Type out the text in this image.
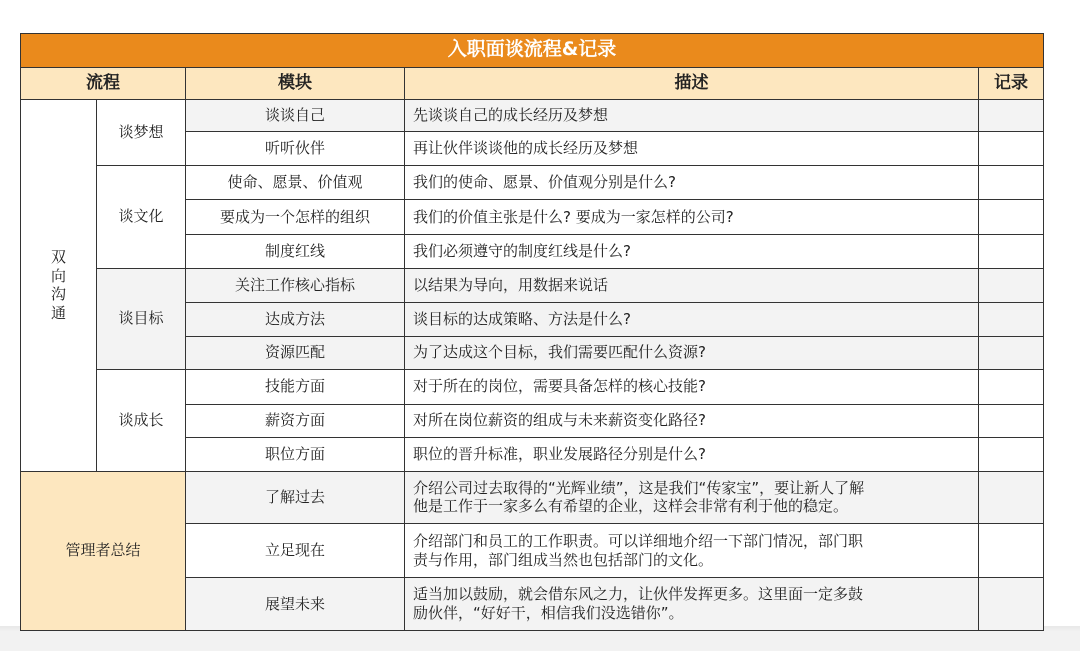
入职面谈流程&记录				
流程		模块	描述	记录

双
向
沟
通	谈梦想	谈谈自己	先谈谈自己的成长经历及梦想	
		听听伙伴	再让伙伴谈谈他的成长经历及梦想	
	谈文化	使命、愿景、价值观	我们的使命、愿景、价值观分别是什么?	
		要成为一个怎样的组织	我们的价值主张是什么? 要成为一家怎样的公司?	
		制度红线	我们必须遵守的制度红线是什么?	
	谈目标	关注工作核心指标	以结果为导向，用数据来说话	
		达成方法	谈目标的达成策略、方法是什么?	
		资源匹配	为了达成这个目标，我们需要匹配什么资源?	
	谈成长	技能方面	对于所在的岗位，需要具备怎样的核心技能?	
		薪资方面	对所在岗位薪资的组成与未来薪资变化路径?	
		职位方面	职位的晋升标准，职业发展路径分别是什么?	
管理者总结		了解过去	介绍公司过去取得的“光辉业绩”，这是我们“传家宝”，要让新人了解
他是工作于一家多么有希望的企业，这样会非常有利于他的稳定。	

		立足现在	介绍部门和员工的工作职责。可以详细地介绍一下部门情况，部门职
责与作用，部门组成当然也包括部门的文化。	

		展望未来	适当加以鼓励，就会借东风之力，让伙伴发挥更多。这里面一定多鼓
励伙伴，“好好干，相信我们没选错你”。	
